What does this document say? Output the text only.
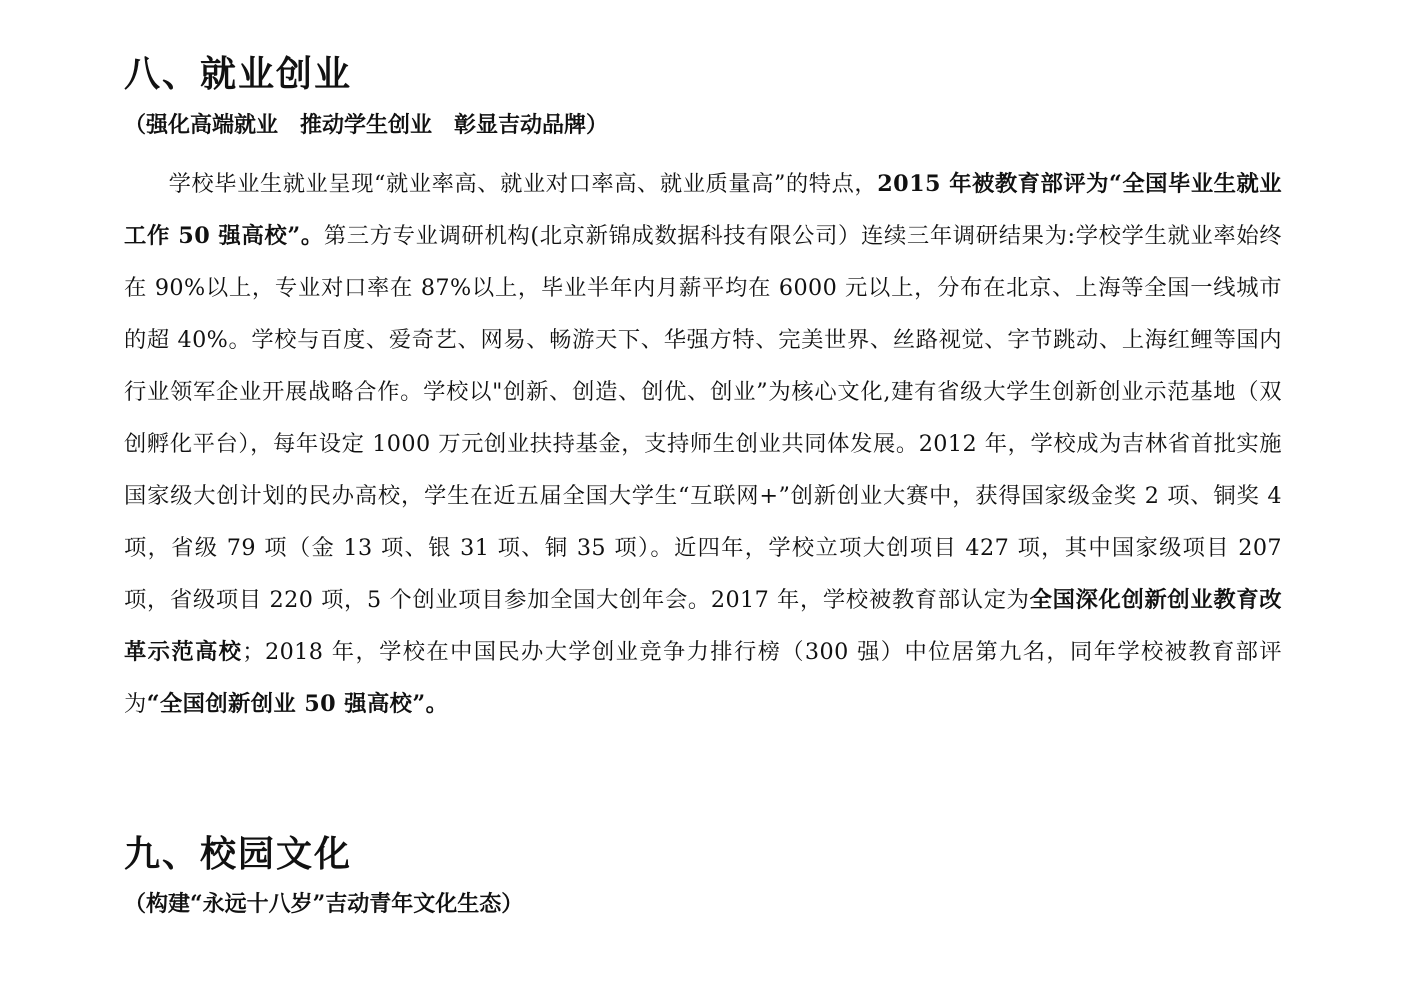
八、就业创业
（强化高端就业　推动学生创业　彰显吉动品牌）

学校毕业生就业呈现“就业率高、就业对口率高、就业质量高”的特点，2015 年被教育部评为“全国毕业生就业工作 50 强高校”。第三方专业调研机构(北京新锦成数据科技有限公司）连续三年调研结果为:学校学生就业率始终在 90%以上，专业对口率在 87%以上，毕业半年内月薪平均在 6000 元以上，分布在北京、上海等全国一线城市的超 40%。学校与百度、爱奇艺、网易、畅游天下、华强方特、完美世界、丝路视觉、字节跳动、上海红鲤等国内行业领军企业开展战略合作。学校以"创新、创造、创优、创业”为核心文化,建有省级大学生创新创业示范基地（双创孵化平台），每年设定 1000 万元创业扶持基金，支持师生创业共同体发展。2012 年，学校成为吉林省首批实施国家级大创计划的民办高校，学生在近五届全国大学生“互联网+”创新创业大赛中，获得国家级金奖 2 项、铜奖 4 项，省级 79 项（金 13 项、银 31 项、铜 35 项）。近四年，学校立项大创项目 427 项，其中国家级项目 207 项，省级项目 220 项，5 个创业项目参加全国大创年会。2017 年，学校被教育部认定为全国深化创新创业教育改革示范高校；2018 年，学校在中国民办大学创业竞争力排行榜（300 强）中位居第九名，同年学校被教育部评为“全国创新创业 50 强高校”。

九、校园文化
（构建“永远十八岁”吉动青年文化生态）
